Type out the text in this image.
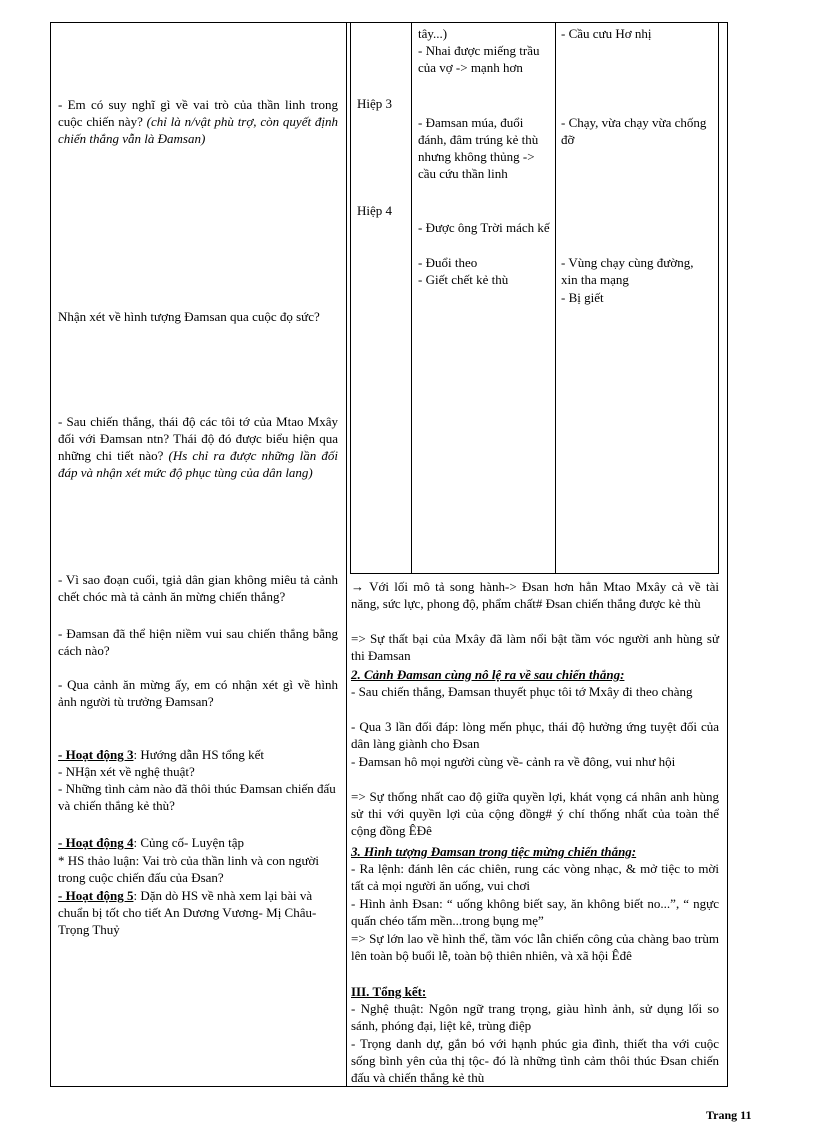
- Em có suy nghĩ gì về vai trò của thần linh trong cuộc chiến này? (chỉ là n/vật phù trợ, còn quyết định chiến thắng vẫn là Đamsan)
Nhận xét về hình tượng Đamsan qua cuộc đọ sức?
- Sau chiến thắng, thái độ các tôi tớ của Mtao Mxây đối với Đamsan ntn? Thái độ đó được biểu hiện qua những chi tiết nào? (Hs chỉ ra được những lần đối đáp và nhận xét mức độ phục tùng của dân lang)
- Vì sao đoạn cuối, tgiả dân gian không miêu tả cảnh chết chóc mà tả cảnh ăn mừng chiến thắng?
- Đamsan đã thể hiện niềm vui sau chiến thắng bằng cách nào?
- Qua cảnh ăn mừng ấy, em có nhận xét gì về hình ảnh người tù trưởng Đamsan?
- Hoạt động 3: Hướng dẫn HS tổng kết
- NHận xét về nghệ thuật?
- Những tình cảm nào đã thôi thúc Đamsan chiến đấu và chiến thắng kẻ thù?
- Hoạt động 4: Củng cố- Luyện tập
* HS thảo luận: Vai trò của thần linh và con người trong cuộc chiến đấu của Đsan?
- Hoạt động 5: Dặn dò HS về nhà xem lại bài và chuẩn bị tốt cho tiết An Dương Vương- Mị Châu- Trọng Thuỷ
Hiệp 3
Hiệp 4
tây...)
- Nhai được miếng trầu của vợ -> mạnh hơn
- Đamsan múa, đuổi đánh, đâm trúng kẻ thù nhưng không thủng -> cầu cứu thần linh
- Được ông Trời mách kế
- Đuổi theo
- Giết chết kẻ thù
- Cầu cưu Hơ nhị
- Chạy, vừa chạy vừa chống đỡ
- Vùng chạy cùng đường, xin tha mạng
- Bị giết
→ Với lối mô tả song hành-> Đsan hơn hẳn Mtao Mxây cả về tài năng, sức lực, phong độ, phẩm chất# Đsan chiến thắng được kẻ thù
=> Sự thất bại của Mxây đã làm nổi bật tầm vóc người anh hùng sử thi Đamsan
2. Cảnh Đamsan cùng nô lệ ra về sau chiến thắng:
- Sau chiến thắng, Đamsan thuyết phục tôi tớ Mxây đi theo chàng
- Qua 3 lần đối đáp: lòng mến phục, thái độ hưởng ứng tuyệt đối của dân làng giành cho Đsan
- Đamsan hô mọi người cùng về- cảnh ra về đông, vui như hội
=> Sự thống nhất cao độ giữa quyền lợi, khát vọng cá nhân anh hùng sử thi với quyền lợi của cộng đồng# ý chí thống nhất của toàn thể cộng đồng ÊĐê
3. Hình tượng Đamsan trong tiệc mừng chiến thắng:
- Ra lệnh: đánh lên các chiên, rung các vòng nhạc, & mở tiệc to mời tất cả mọi người ăn uống, vui chơi
- Hình ảnh Đsan: “ uống không biết say, ăn không biết no...”, “ ngực quấn chéo tấm mền...trong bụng mẹ”
=> Sự lớn lao về hình thể, tầm vóc lẫn chiến công của chàng bao trùm lên toàn bộ buổi lễ, toàn bộ thiên nhiên, và xã hội Êđê
III. Tổng kết:
- Nghệ thuật: Ngôn ngữ trang trọng, giàu hình ảnh, sử dụng lối so sánh, phóng đại, liệt kê, trùng điệp
- Trọng danh dự, gắn bó với hạnh phúc gia đình, thiết tha với cuộc sống bình yên của thị tộc- đó là những tình cảm thôi thúc Đsan chiến đấu và chiến thắng kẻ thù
Trang 11
